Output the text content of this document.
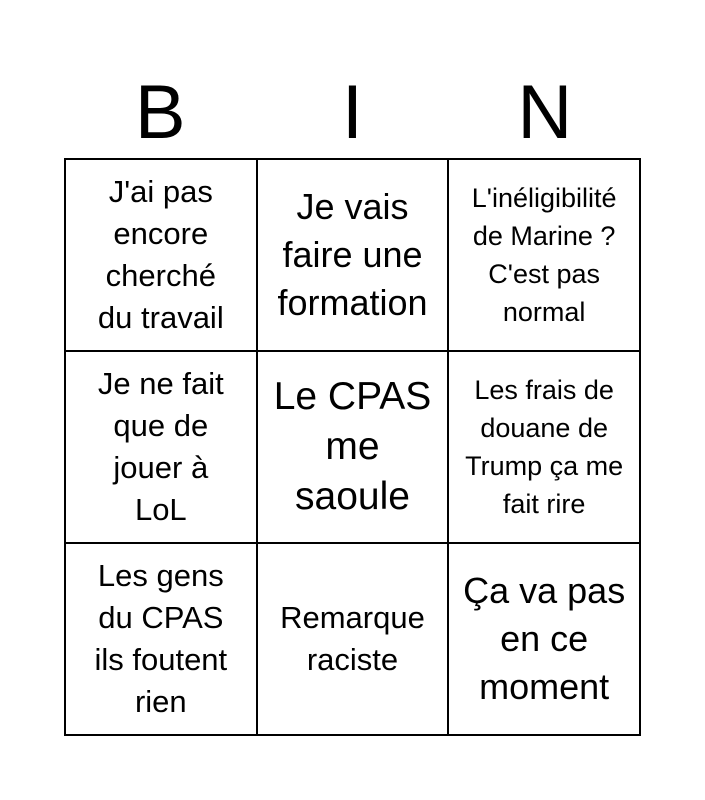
B	I	N
J'ai pas encore cherché du travail
Je vais faire une formation
L'inéligibilité de Marine ? C'est pas normal
Je ne fait que de jouer à LoL
Le CPAS me saoule
Les frais de douane de Trump ça me fait rire
Les gens du CPAS ils foutent rien
Remarque raciste
Ça va pas en ce moment
